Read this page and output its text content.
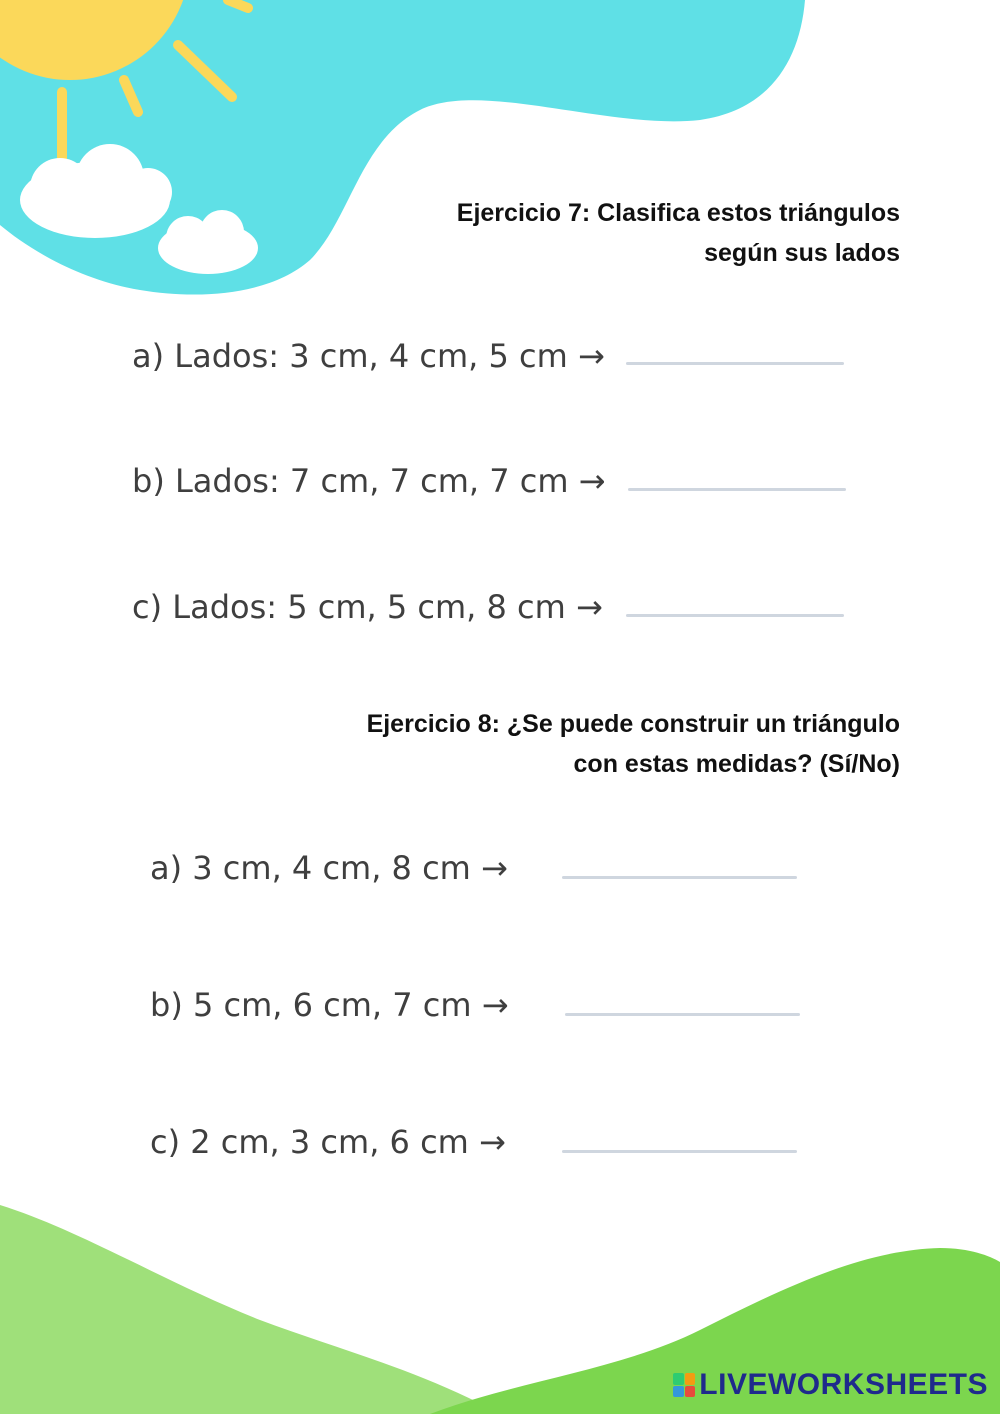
Ejercicio 7: Clasifica estos triángulos
según sus lados
a) Lados: 3 cm, 4 cm, 5 cm →
b) Lados: 7 cm, 7 cm, 7 cm →
c) Lados: 5 cm, 5 cm, 8 cm →
Ejercicio 8: ¿Se puede construir un triángulo
con estas medidas? (Sí/No)
a) 3 cm, 4 cm, 8 cm →
b) 5 cm, 6 cm, 7 cm →
c) 2 cm, 3 cm, 6 cm →
LIVEWORKSHEETS
